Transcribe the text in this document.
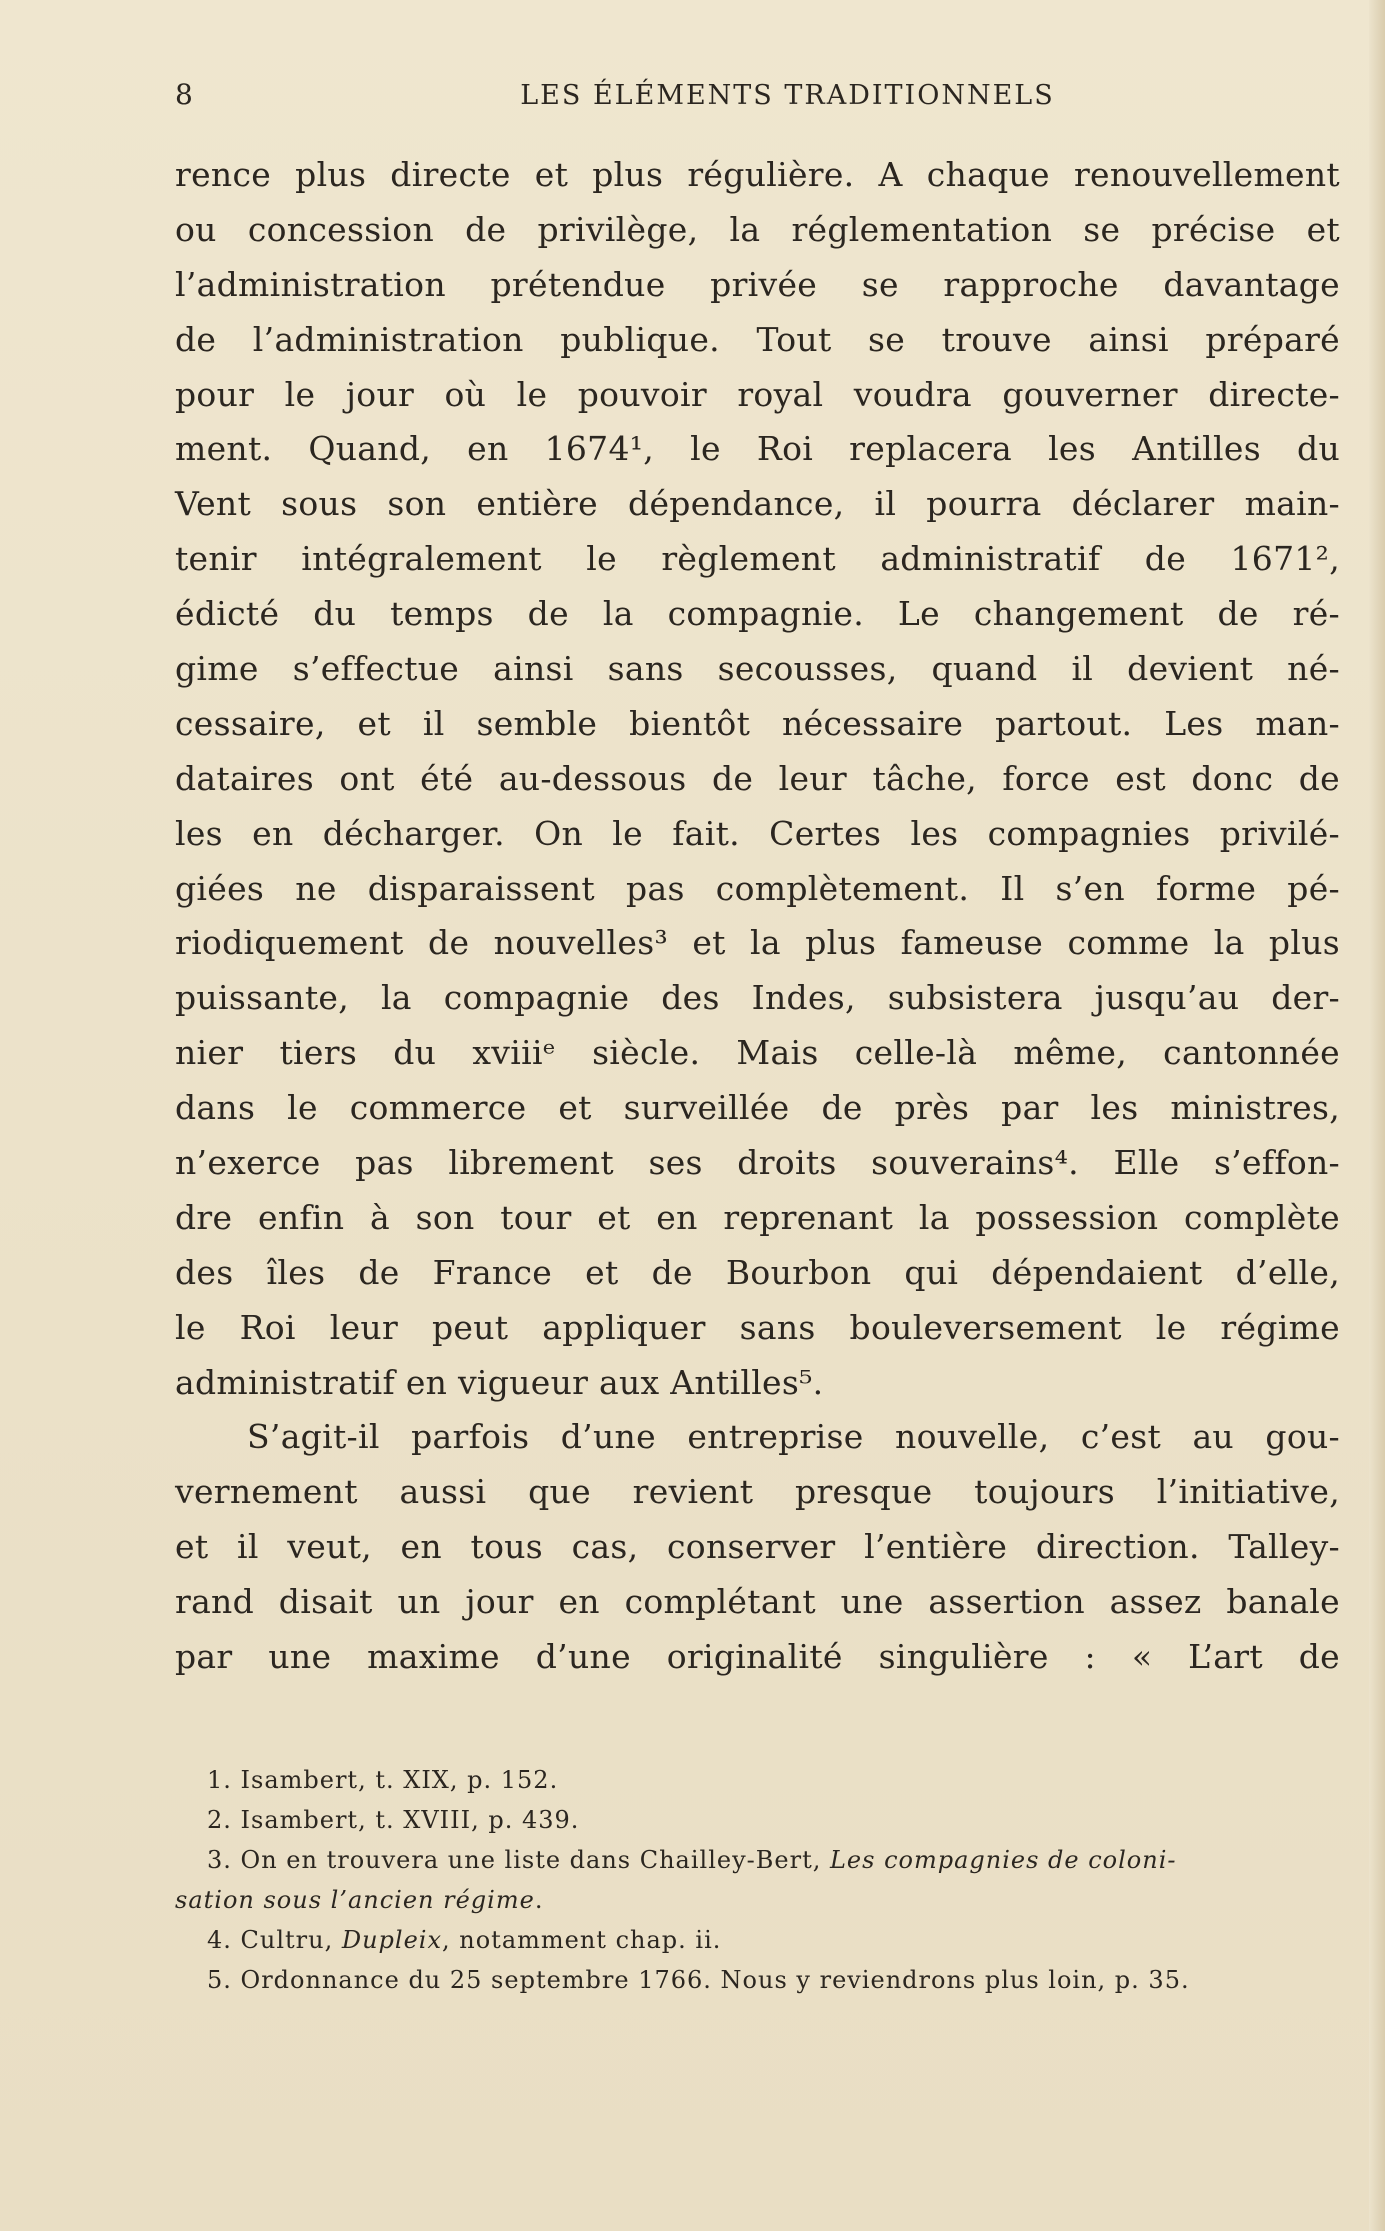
8	LES ÉLÉMENTS TRADITIONNELS
rence plus directe et plus régulière. A chaque renouvellement
ou concession de privilège, la réglementation se précise et
l’administration prétendue privée se rapproche davantage
de l’administration publique. Tout se trouve ainsi préparé
pour le jour où le pouvoir royal voudra gouverner directe-
ment. Quand, en 1674¹, le Roi replacera les Antilles du
Vent sous son entière dépendance, il pourra déclarer main-
tenir intégralement le règlement administratif de 1671²,
édicté du temps de la compagnie. Le changement de ré-
gime s’effectue ainsi sans secousses, quand il devient né-
cessaire, et il semble bientôt nécessaire partout. Les man-
dataires ont été au-dessous de leur tâche, force est donc de
les en décharger. On le fait. Certes les compagnies privilé-
giées ne disparaissent pas complètement. Il s’en forme pé-
riodiquement de nouvelles³ et la plus fameuse comme la plus
puissante, la compagnie des Indes, subsistera jusqu’au der-
nier tiers du xviiiᵉ siècle. Mais celle-là même, cantonnée
dans le commerce et surveillée de près par les ministres,
n’exerce pas librement ses droits souverains⁴. Elle s’effon-
dre enfin à son tour et en reprenant la possession complète
des îles de France et de Bourbon qui dépendaient d’elle,
le Roi leur peut appliquer sans bouleversement le régime
administratif en vigueur aux Antilles⁵.
S’agit-il parfois d’une entreprise nouvelle, c’est au gou-
vernement aussi que revient presque toujours l’initiative,
et il veut, en tous cas, conserver l’entière direction. Talley-
rand disait un jour en complétant une assertion assez banale
par une maxime d’une originalité singulière : « L’art de
1. Isambert, t. XIX, p. 152.
2. Isambert, t. XVIII, p. 439.
3. On en trouvera une liste dans Chailley-Bert, Les compagnies de coloni-
sation sous l’ancien régime.
4. Cultru, Dupleix, notamment chap. ii.
5. Ordonnance du 25 septembre 1766. Nous y reviendrons plus loin, p. 35.
